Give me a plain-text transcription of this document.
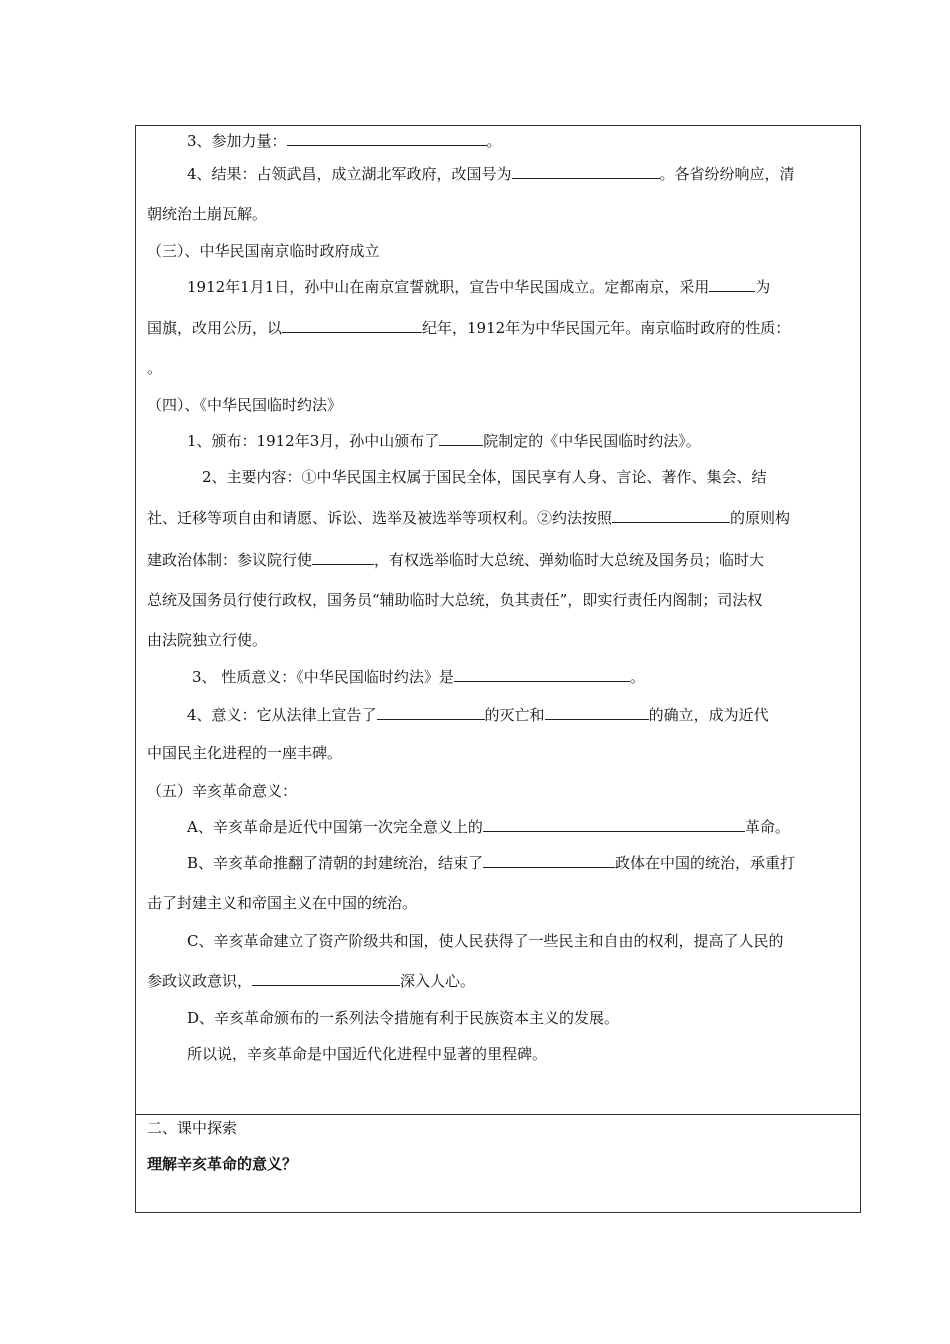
3、参加力量：	。
4、结果：占领武昌，成立湖北军政府，改国号为	。各省纷纷响应，清
朝统治土崩瓦解。
（三）、中华民国南京临时政府成立
1912年1月1日，孙中山在南京宣誓就职，宣告中华民国成立。定都南京，采用	为
国旗，改用公历，以	纪年，1912年为中华民国元年。南京临时政府的性质：
。
（四）、《中华民国临时约法》
1、颁布：1912年3月，孙中山颁布了	院制定的《中华民国临时约法》。
2、主要内容：①中华民国主权属于国民全体，国民享有人身、言论、著作、集会、结
社、迁移等项自由和请愿、诉讼、选举及被选举等项权利。②约法按照	的原则构
建政治体制：参议院行使	，有权选举临时大总统、弹劾临时大总统及国务员；临时大
总统及国务员行使行政权，国务员“辅助临时大总统，负其责任”，即实行责任内阁制；司法权
由法院独立行使。
3、 性质意义：《中华民国临时约法》是	。
4、意义：它从法律上宣告了	的灭亡和	的确立，成为近代
中国民主化进程的一座丰碑。
（五）辛亥革命意义：
A、辛亥革命是近代中国第一次完全意义上的	革命。
B、辛亥革命推翻了清朝的封建统治，结束了	政体在中国的统治，承重打
击了封建主义和帝国主义在中国的统治。
C、辛亥革命建立了资产阶级共和国，使人民获得了一些民主和自由的权利，提高了人民的
参政议政意识，	深入人心。
D、辛亥革命颁布的一系列法令措施有利于民族资本主义的发展。
所以说，辛亥革命是中国近代化进程中显著的里程碑。
二、课中探索
理解辛亥革命的意义？
